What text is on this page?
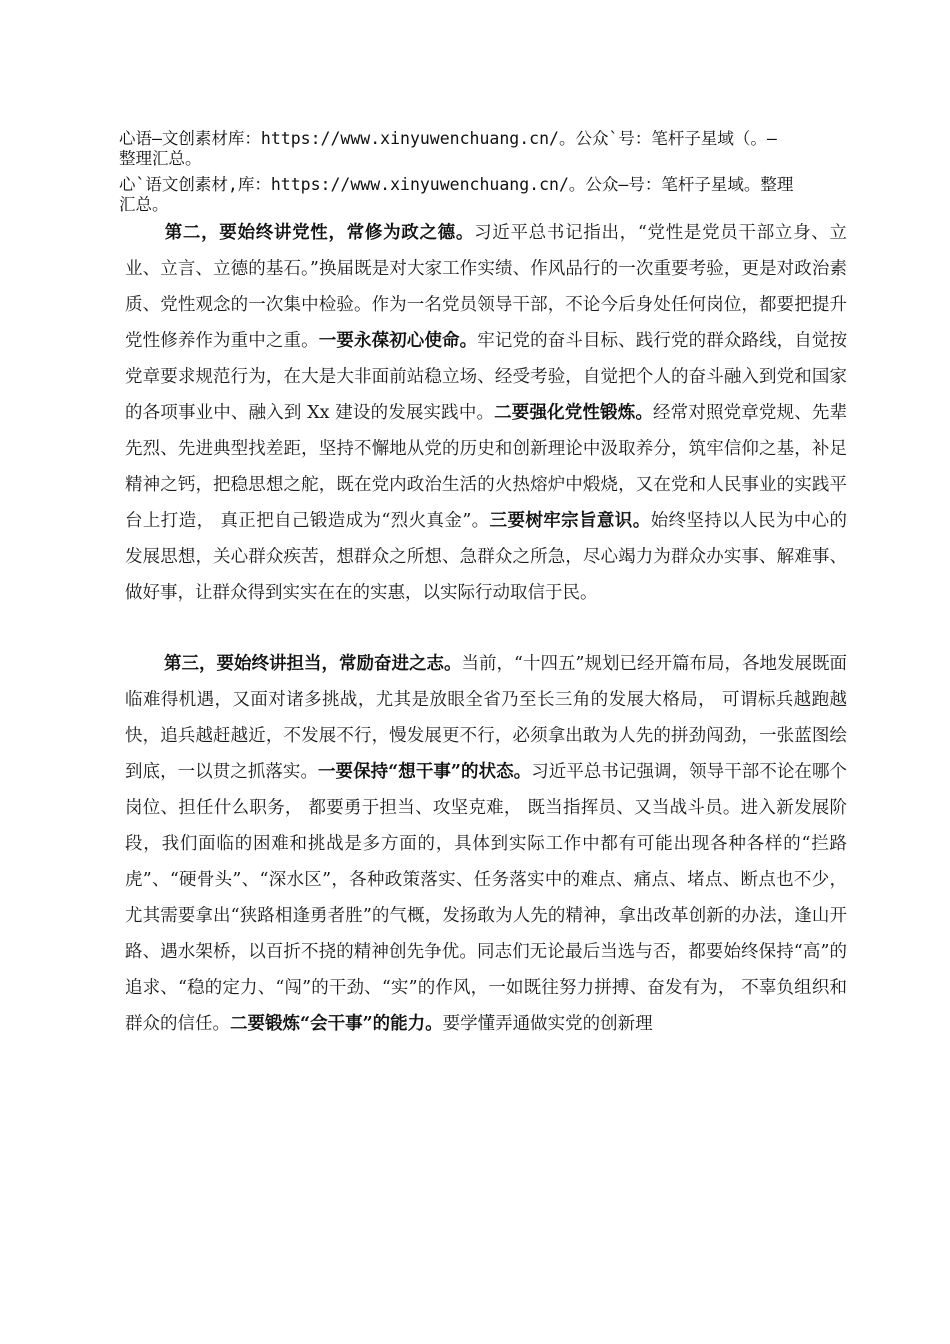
心语—文创素材库：https://www.xinyuwenchuang.cn/。公众`号：笔杆子星域（。—
整理汇总。
心`语文创素材,库：https://www.xinyuwenchuang.cn/。公众—号：笔杆子星域。整理
汇总。
第二，要始终讲党性，常修为政之德。习近平总书记指出，“党性是党员干部立身、立业、立言、立德的基石。”换届既是对大家工作实绩、作风品行的一次重要考验，更是对政治素质、党性观念的一次集中检验。作为一名党员领导干部，不论今后身处任何岗位，都要把提升党性修养作为重中之重。一要永葆初心使命。牢记党的奋斗目标、践行党的群众路线，自觉按党章要求规范行为，在大是大非面前站稳立场、经受考验，自觉把个人的奋斗融入到党和国家的各项事业中、融入到 Xx 建设的发展实践中。二要强化党性锻炼。经常对照党章党规、先辈先烈、先进典型找差距，坚持不懈地从党的历史和创新理论中汲取养分，筑牢信仰之基，补足精神之钙，把稳思想之舵，既在党内政治生活的火热熔炉中煅烧，又在党和人民事业的实践平台上打造， 真正把自己锻造成为“烈火真金”。三要树牢宗旨意识。始终坚持以人民为中心的发展思想，关心群众疾苦，想群众之所想、急群众之所急，尽心竭力为群众办实事、解难事、做好事，让群众得到实实在在的实惠，以实际行动取信于民。
第三，要始终讲担当，常励奋进之志。当前，“十四五”规划已经开篇布局，各地发展既面临难得机遇，又面对诸多挑战，尤其是放眼全省乃至长三角的发展大格局， 可谓标兵越跑越快，追兵越赶越近，不发展不行，慢发展更不行，必须拿出敢为人先的拼劲闯劲，一张蓝图绘到底，一以贯之抓落实。一要保持“想干事”的状态。习近平总书记强调，领导干部不论在哪个岗位、担任什么职务， 都要勇于担当、攻坚克难， 既当指挥员、又当战斗员。进入新发展阶段，我们面临的困难和挑战是多方面的，具体到实际工作中都有可能出现各种各样的“拦路虎”、“硬骨头”、“深水区”，各种政策落实、任务落实中的难点、痛点、堵点、断点也不少，尤其需要拿出“狭路相逢勇者胜”的气概，发扬敢为人先的精神，拿出改革创新的办法，逢山开路、遇水架桥，以百折不挠的精神创先争优。同志们无论最后当选与否，都要始终保持“高”的追求、“稳的定力、“闯”的干劲、“实”的作风，一如既往努力拼搏、奋发有为， 不辜负组织和群众的信任。二要锻炼“会干事”的能力。要学懂弄通做实党的创新理
